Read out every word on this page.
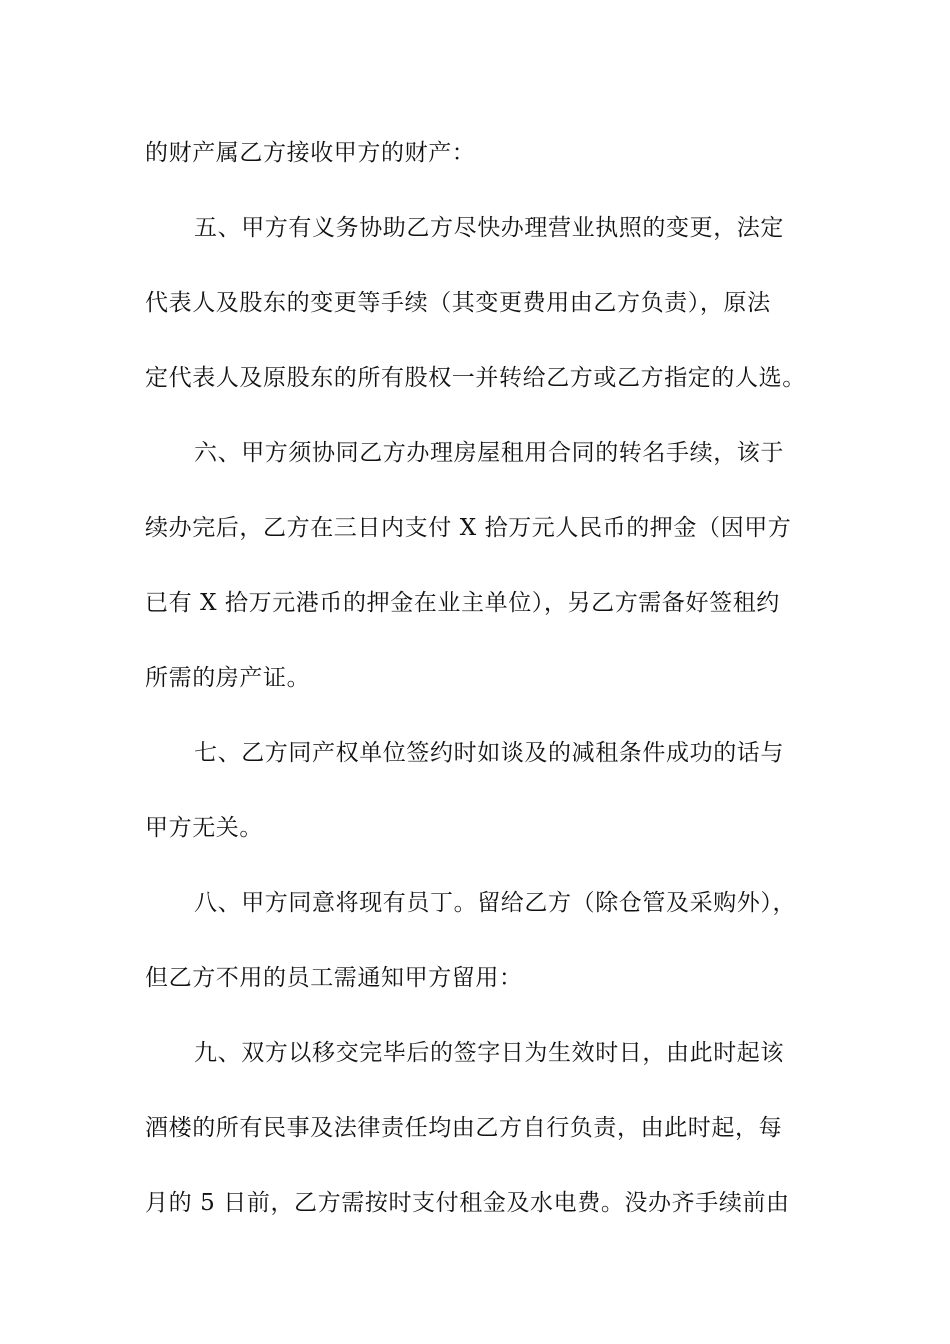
的财产属乙方接收甲方的财产：
五、甲方有义务协助乙方尽快办理营业执照的变更，法定
代表人及股东的变更等手续（其变更费用由乙方负责），原法
定代表人及原股东的所有股权一并转给乙方或乙方指定的人选。
六、甲方须协同乙方办理房屋租用合同的转名手续，该于
续办完后，乙方在三日内支付 X 拾万元人民币的押金（因甲方
已有 X 拾万元港币的押金在业主单位），另乙方需备好签租约
所需的房产证。
七、乙方同产权单位签约时如谈及的减租条件成功的话与
甲方无关。
八、甲方同意将现有员丁。留给乙方（除仓管及采购外），
但乙方不用的员工需通知甲方留用：
九、双方以移交完毕后的签字日为生效时日，由此时起该
酒楼的所有民事及法律责任均由乙方自行负责，由此时起，每
月的 5 日前，乙方需按时支付租金及水电费。没办齐手续前由
